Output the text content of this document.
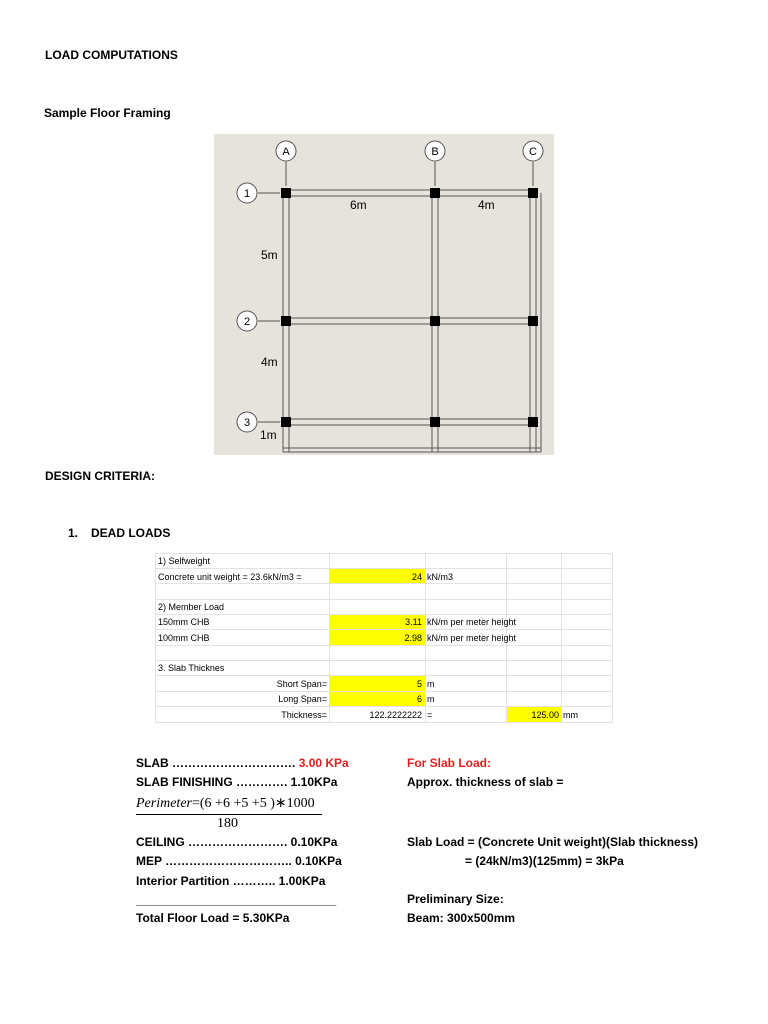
LOAD COMPUTATIONS
Sample Floor Framing
A	B	C
1
2
3
6m	4m
5m
4m
1m
DESIGN CRITERIA:
1. DEAD LOADS
1) Selfweight
Concrete unit weight = 23.6kN/m3 =	24 kN/m3
2) Member Load
150mm CHB	3.11 kN/m per meter height
100mm CHB	2.98 kN/m per meter height
3. Slab Thicknes
Short Span=	5 m
Long Span=	6 m
Thickness=	122.2222222 =	125.00 mm
SLAB …………………………. 3.00 KPa
SLAB FINISHING …………. 1.10KPa
Perimeter=(6 +6 +5 +5 )∗1000
180
CEILING ……………………. 0.10KPa
MEP ………………………….. 0.10KPa
Interior Partition ……….. 1.00KPa
______________________________
Total Floor Load = 5.30KPa
For Slab Load:
Approx. thickness of slab =
Slab Load = (Concrete Unit weight)(Slab thickness)
= (24kN/m3)(125mm) = 3kPa
Preliminary Size:
Beam: 300x500mm
